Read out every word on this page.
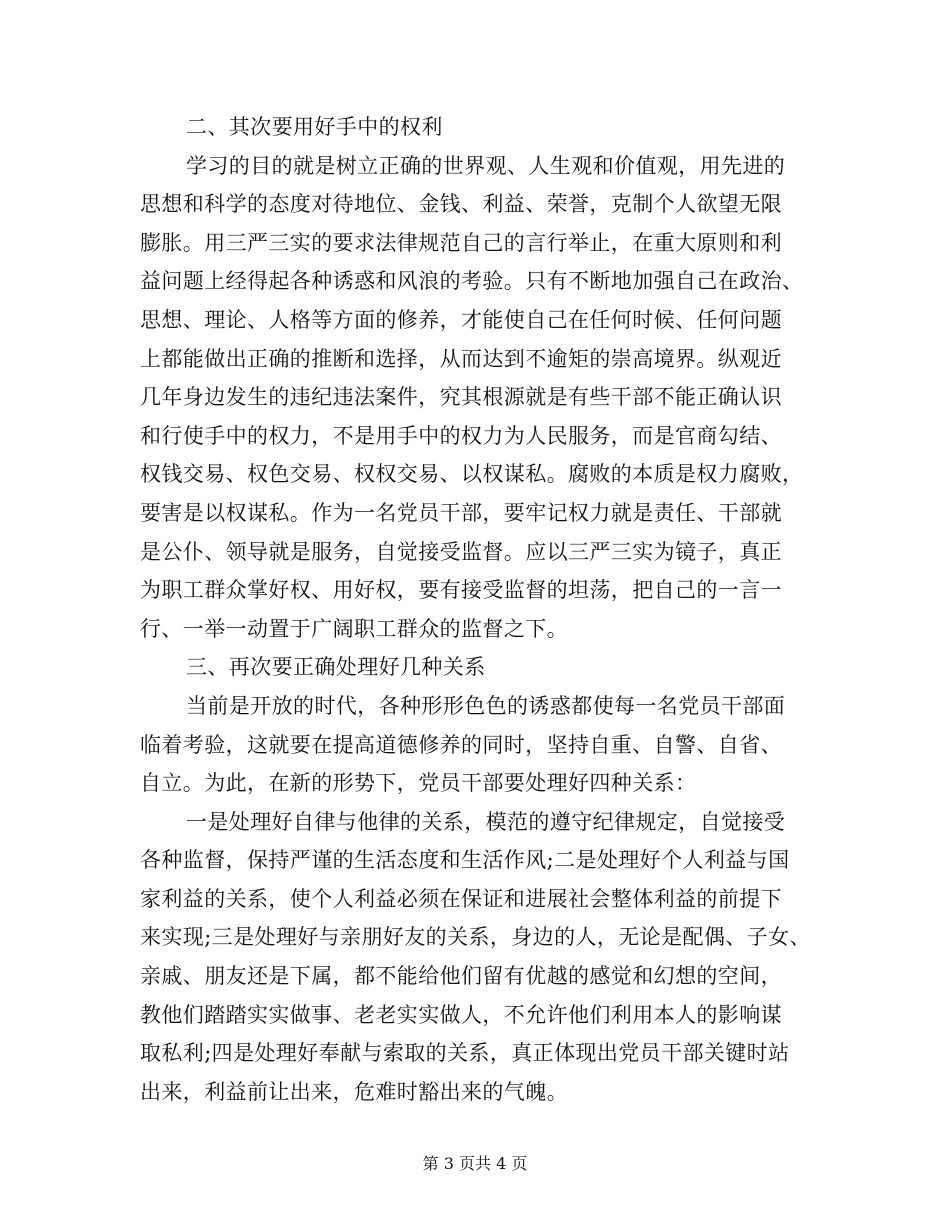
二、其次要用好手中的权利
学习的目的就是树立正确的世界观、人生观和价值观，用先进的
思想和科学的态度对待地位、金钱、利益、荣誉，克制个人欲望无限
膨胀。用三严三实的要求法律规范自己的言行举止，在重大原则和利
益问题上经得起各种诱惑和风浪的考验。只有不断地加强自己在政治、
思想、理论、人格等方面的修养，才能使自己在任何时候、任何问题
上都能做出正确的推断和选择，从而达到不逾矩的崇高境界。纵观近
几年身边发生的违纪违法案件，究其根源就是有些干部不能正确认识
和行使手中的权力，不是用手中的权力为人民服务，而是官商勾结、
权钱交易、权色交易、权权交易、以权谋私。腐败的本质是权力腐败，
要害是以权谋私。作为一名党员干部，要牢记权力就是责任、干部就
是公仆、领导就是服务，自觉接受监督。应以三严三实为镜子，真正
为职工群众掌好权、用好权，要有接受监督的坦荡，把自己的一言一
行、一举一动置于广阔职工群众的监督之下。
三、再次要正确处理好几种关系
当前是开放的时代，各种形形色色的诱惑都使每一名党员干部面
临着考验，这就要在提高道德修养的同时，坚持自重、自警、自省、
自立。为此，在新的形势下，党员干部要处理好四种关系：
一是处理好自律与他律的关系，模范的遵守纪律规定，自觉接受
各种监督，保持严谨的生活态度和生活作风;二是处理好个人利益与国
家利益的关系，使个人利益必须在保证和进展社会整体利益的前提下
来实现;三是处理好与亲朋好友的关系，身边的人，无论是配偶、子女、
亲戚、朋友还是下属，都不能给他们留有优越的感觉和幻想的空间，
教他们踏踏实实做事、老老实实做人，不允许他们利用本人的影响谋
取私利;四是处理好奉献与索取的关系，真正体现出党员干部关键时站
出来，利益前让出来，危难时豁出来的气魄。
第 3 页共 4 页
